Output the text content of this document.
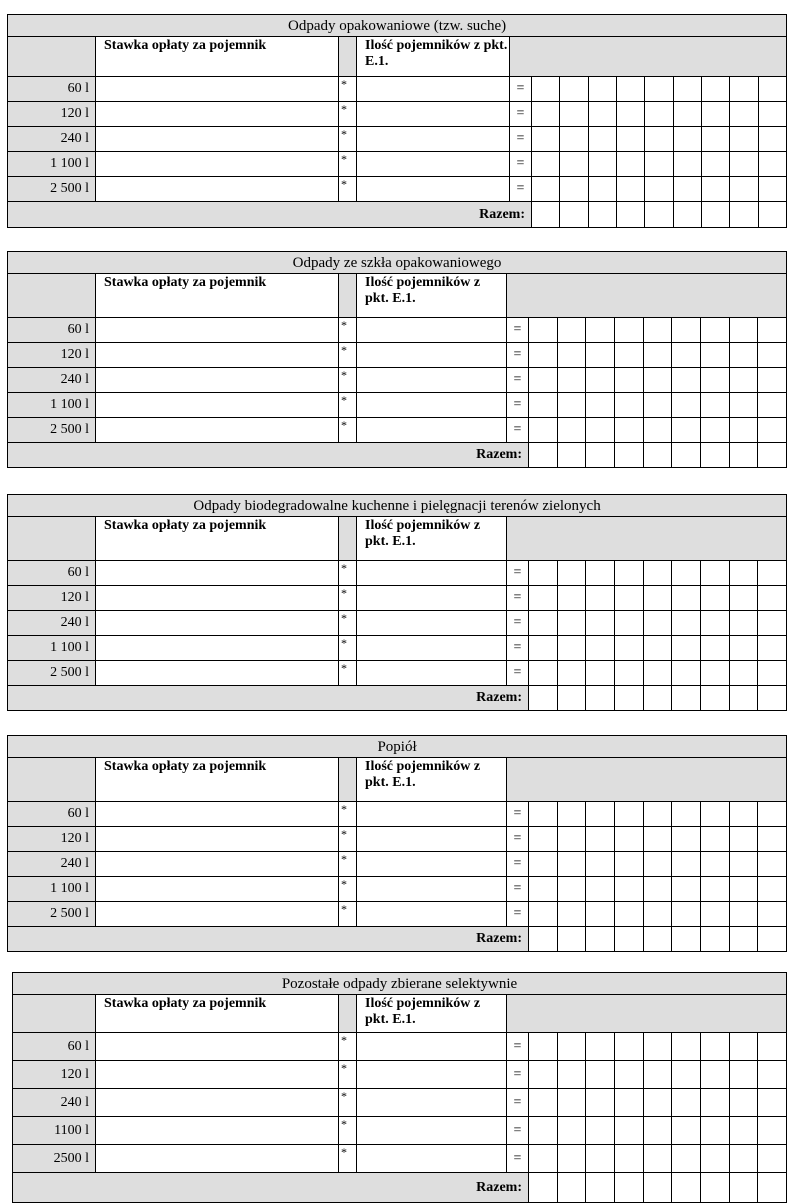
Odpady opakowaniowe (tzw. suche)													
	Stawka opłaty za pojemnik		Ilość pojemników z pkt. E.1.										
60 l		*		=									
120 l		*		=									
240 l		*		=									
1 100 l		*		=									
2 500 l		*		=									
Razem:													
Odpady ze szkła opakowaniowego													
	Stawka opłaty za pojemnik		Ilość pojemników z pkt. E.1.										
60 l		*		=									
120 l		*		=									
240 l		*		=									
1 100 l		*		=									
2 500 l		*		=									
Razem:													
Odpady biodegradowalne kuchenne i pielęgnacji terenów zielonych													
	Stawka opłaty za pojemnik		Ilość pojemników z pkt. E.1.										
60 l		*		=									
120 l		*		=									
240 l		*		=									
1 100 l		*		=									
2 500 l		*		=									
Razem:													
Popiół													
	Stawka opłaty za pojemnik		Ilość pojemników z pkt. E.1.										
60 l		*		=									
120 l		*		=									
240 l		*		=									
1 100 l		*		=									
2 500 l		*		=									
Razem:													
Pozostałe odpady zbierane selektywnie													
	Stawka opłaty za pojemnik		Ilość pojemników z pkt. E.1.										
60 l		*		=									
120 l		*		=									
240 l		*		=									
1100 l		*		=									
2500 l		*		=									
Razem:													
